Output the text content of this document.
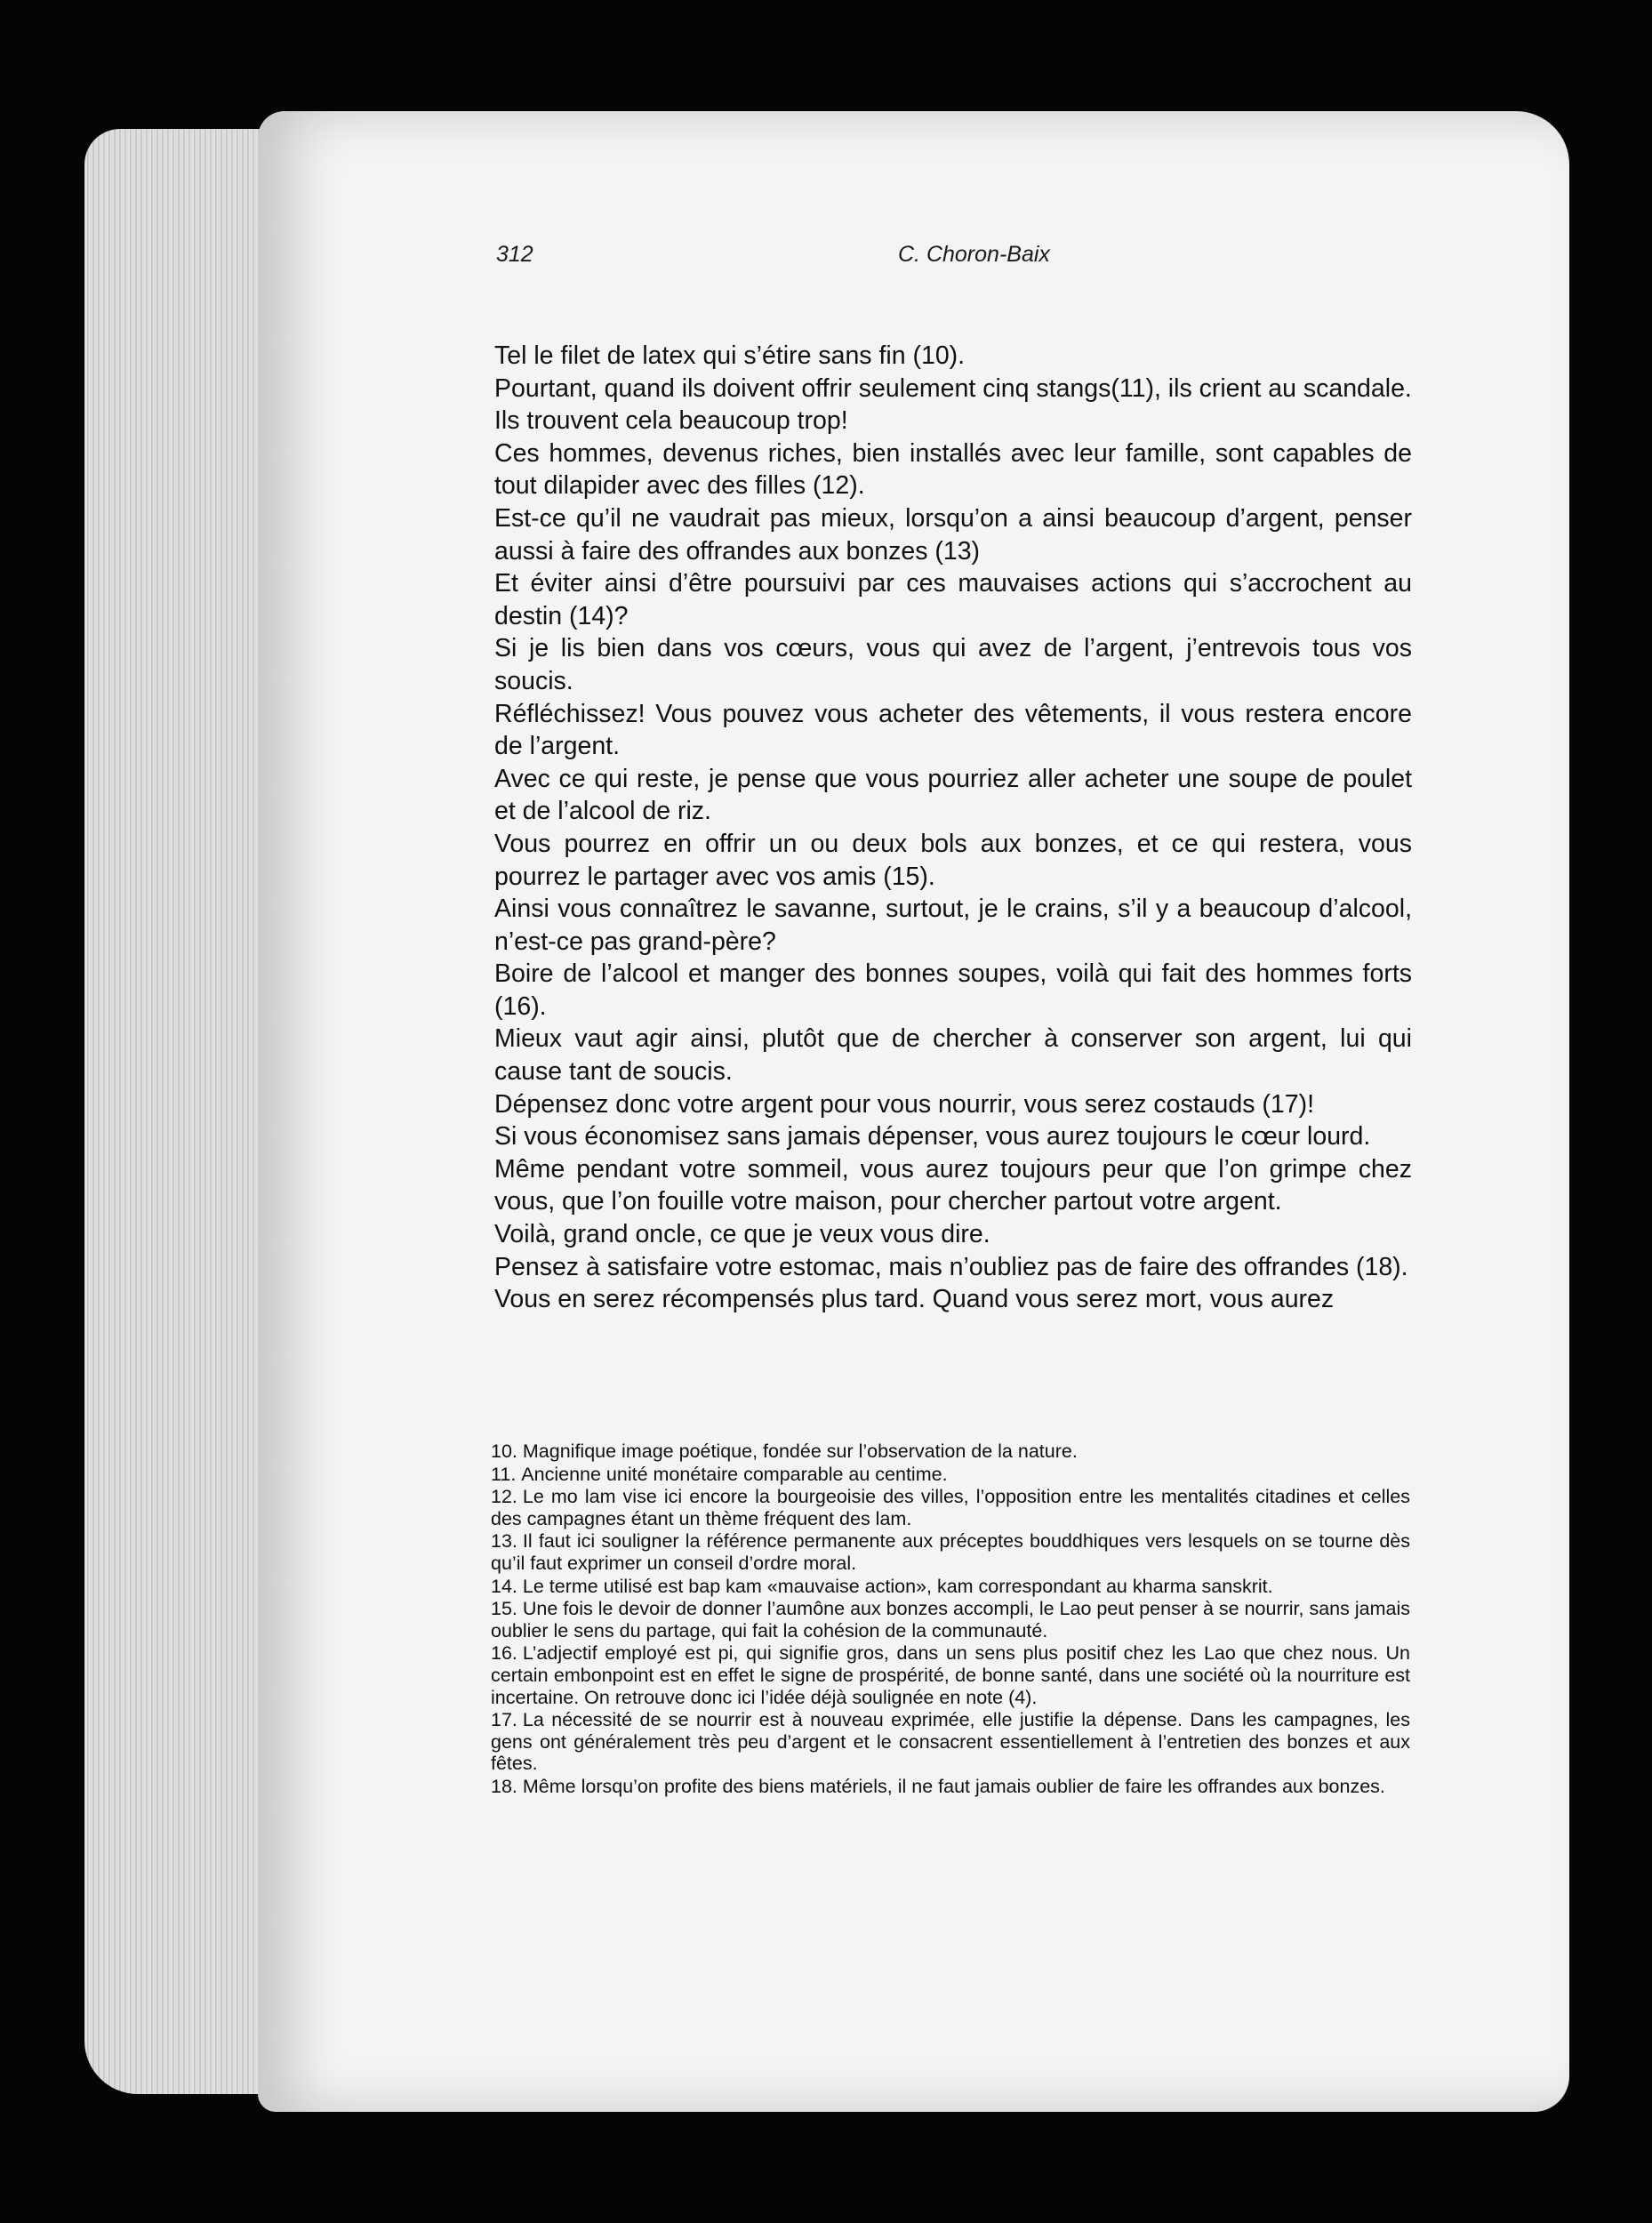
312	C. Choron-Baix

Tel le filet de latex qui s’étire sans fin (10).

Pourtant, quand ils doivent offrir seulement cinq stangs(11), ils crient au scandale.

Ils trouvent cela beaucoup trop!

Ces hommes, devenus riches, bien installés avec leur famille, sont capables de tout dilapider avec des filles (12).

Est-ce qu’il ne vaudrait pas mieux, lorsqu’on a ainsi beaucoup d’argent, penser aussi à faire des offrandes aux bonzes (13)

Et éviter ainsi d’être poursuivi par ces mauvaises actions qui s’accrochent au destin (14)?

Si je lis bien dans vos cœurs, vous qui avez de l’argent, j’entrevois tous vos soucis.

Réfléchissez! Vous pouvez vous acheter des vêtements, il vous restera encore de l’argent.

Avec ce qui reste, je pense que vous pourriez aller acheter une soupe de poulet et de l’alcool de riz.

Vous pourrez en offrir un ou deux bols aux bonzes, et ce qui restera, vous pourrez le partager avec vos amis (15).

Ainsi vous connaîtrez le savanne, surtout, je le crains, s’il y a beaucoup d’alcool, n’est-ce pas grand-père?

Boire de l’alcool et manger des bonnes soupes, voilà qui fait des hommes forts (16).

Mieux vaut agir ainsi, plutôt que de chercher à conserver son argent, lui qui cause tant de soucis.

Dépensez donc votre argent pour vous nourrir, vous serez costauds (17)!

Si vous économisez sans jamais dépenser, vous aurez toujours le cœur lourd.

Même pendant votre sommeil, vous aurez toujours peur que l’on grimpe chez vous, que l’on fouille votre maison, pour chercher partout votre argent.

Voilà, grand oncle, ce que je veux vous dire.

Pensez à satisfaire votre estomac, mais n’oubliez pas de faire des offrandes (18).

Vous en serez récompensés plus tard. Quand vous serez mort, vous aurez

10. Magnifique image poétique, fondée sur l’observation de la nature.

11. Ancienne unité monétaire comparable au centime.

12. Le mo lam vise ici encore la bourgeoisie des villes, l’opposition entre les mentalités citadines et celles des campagnes étant un thème fréquent des lam.

13. Il faut ici souligner la référence permanente aux préceptes bouddhiques vers lesquels on se tourne dès qu’il faut exprimer un conseil d’ordre moral.

14. Le terme utilisé est bap kam «mauvaise action», kam correspondant au kharma sanskrit.

15. Une fois le devoir de donner l’aumône aux bonzes accompli, le Lao peut penser à se nourrir, sans jamais oublier le sens du partage, qui fait la cohésion de la communauté.

16. L’adjectif employé est pi, qui signifie gros, dans un sens plus positif chez les Lao que chez nous. Un certain embonpoint est en effet le signe de prospérité, de bonne santé, dans une société où la nourriture est incertaine. On retrouve donc ici l’idée déjà soulignée en note (4).

17. La nécessité de se nourrir est à nouveau exprimée, elle justifie la dépense. Dans les campagnes, les gens ont généralement très peu d’argent et le consacrent essentiellement à l’entretien des bonzes et aux fêtes.

18. Même lorsqu’on profite des biens matériels, il ne faut jamais oublier de faire les offrandes aux bonzes.
